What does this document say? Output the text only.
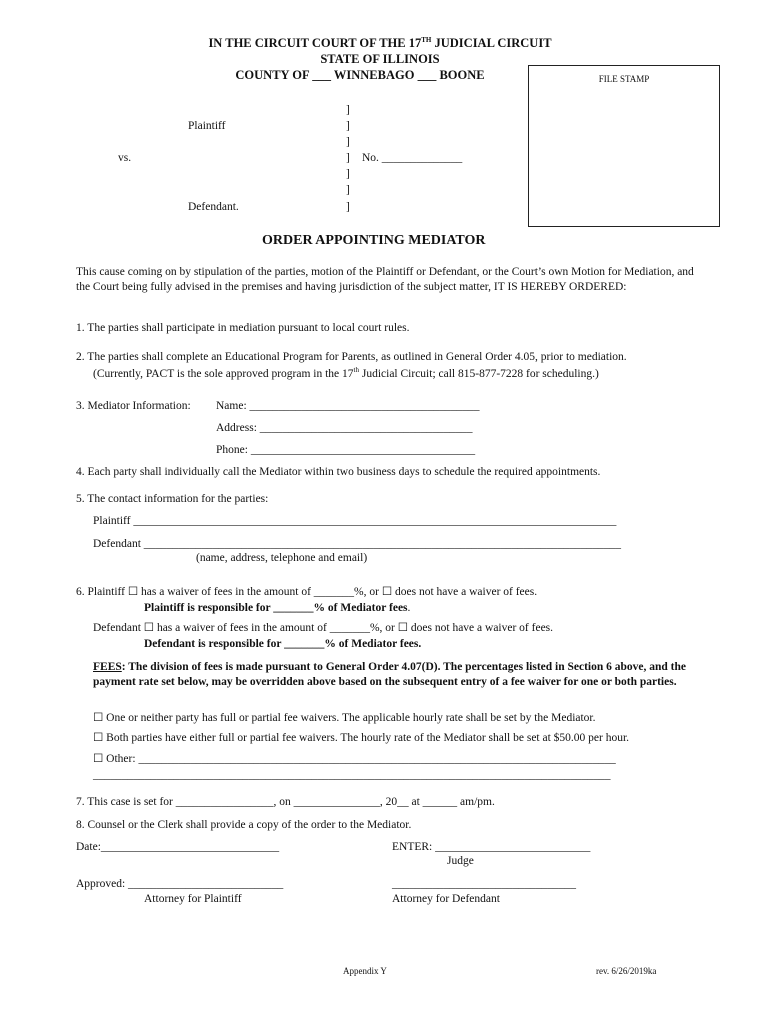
IN THE CIRCUIT COURT OF THE 17TH JUDICIAL CIRCUIT
STATE OF ILLINOIS
COUNTY OF ___ WINNEBAGO ___ BOONE	FILE STAMP
Plaintiff
vs.
Defendant.
]
]
]
]
]
]
]
No. ______________
ORDER APPOINTING MEDIATOR
This cause coming on by stipulation of the parties, motion of the Plaintiff or Defendant, or the Court’s own Motion for Mediation, and the Court being fully advised in the premises and having jurisdiction of the subject matter, IT IS HEREBY ORDERED:
1. The parties shall participate in mediation pursuant to local court rules.
2. The parties shall complete an Educational Program for Parents, as outlined in General Order 4.05, prior to mediation.
(Currently, PACT is the sole approved program in the 17th Judicial Circuit; call 815-877-7228 for scheduling.)
3. Mediator Information: Name: ________________________________________
Address: _____________________________________
Phone: _______________________________________
4. Each party shall individually call the Mediator within two business days to schedule the required appointments.
5. The contact information for the parties:
Plaintiff ____________________________________________________________________________________
Defendant ___________________________________________________________________________________
(name, address, telephone and email)
6. Plaintiff ☐ has a waiver of fees in the amount of _______%, or ☐ does not have a waiver of fees.
Plaintiff is responsible for _______% of Mediator fees.
Defendant ☐ has a waiver of fees in the amount of _______%, or ☐ does not have a waiver of fees.
Defendant is responsible for _______% of Mediator fees.
FEES: The division of fees is made pursuant to General Order 4.07(D). The percentages listed in Section 6 above, and the payment rate set below, may be overridden above based on the subsequent entry of a fee waiver for one or both parties.
☐ One or neither party has full or partial fee waivers. The applicable hourly rate shall be set by the Mediator.
☐ Both parties have either full or partial fee waivers. The hourly rate of the Mediator shall be set at $50.00 per hour.
☐ Other: ___________________________________________________________________________________
__________________________________________________________________________________________
7. This case is set for _________________, on _______________, 20__ at ______ am/pm.
8. Counsel or the Clerk shall provide a copy of the order to the Mediator.
Date:_______________________________	ENTER: ___________________________
Judge
Approved: ___________________________
Attorney for Plaintiff
________________________________
Attorney for Defendant
Appendix Y	rev. 6/26/2019ka
